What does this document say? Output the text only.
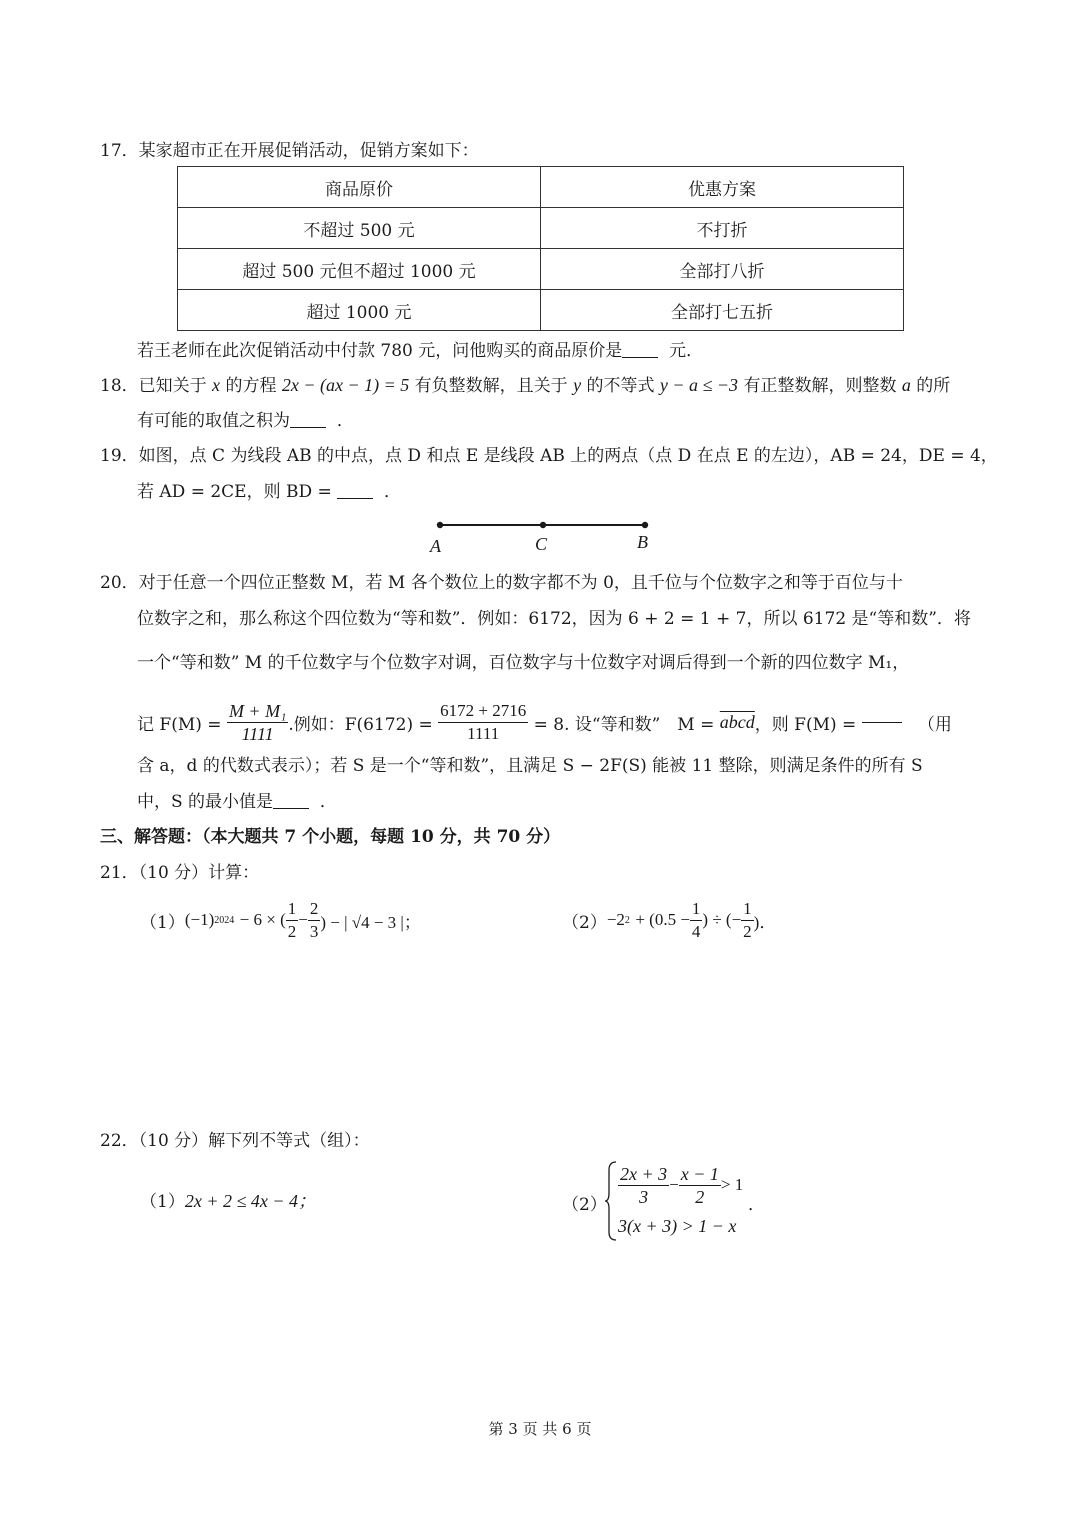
17．某家超市正在开展促销活动，促销方案如下：
商品原价	优惠方案
不超过 500 元	不打折
超过 500 元但不超过 1000 元	全部打八折
超过 1000 元	全部打七五折
若王老师在此次促销活动中付款 780 元，问他购买的商品原价是	元．
18．已知关于 x 的方程 2x − (ax − 1) = 5 有负整数解，且关于 y 的不等式 y − a ≤ −3 有正整数解，则整数 a 的所
有可能的取值之积为	．
19．如图，点 C 为线段 AB 的中点，点 D 和点 E 是线段 AB 上的两点（点 D 在点 E 的左边），AB = 24，DE = 4，
若 AD = 2CE，则 BD =	．
A	C	B
20．对于任意一个四位正整数 M，若 M 各个数位上的数字都不为 0，且千位与个位数字之和等于百位与十
位数字之和，那么称这个四位数为“等和数”．例如：6172，因为 6 + 2 = 1 + 7，所以 6172 是“等和数”．将
一个“等和数” M 的千位数字与个位数字对调，百位数字与十位数字对调后得到一个新的四位数字 M₁，
记 F(M) =
$\frac{\text{M + M₁}}{1111}$ .例如：F(6172) =
$\frac{6172 + 2716}{1111}$
= 8. 设“等和数”　M =
abcd ，则 F(M) =

	（用
含 a，d 的代数式表示）；若 S 是一个“等和数”，且满足 S − 2F(S) 能被 11 整除，则满足条件的所有 S
中，S 的最小值是	．
三、解答题：（本大题共 7 个小题，每题 10 分，共 70 分）
21．（10 分）计算：
（1） (−1) 2024
− 6 × ( $\frac{1}{2} - \frac{2}{3}$ ) − | √4 − 3 |；	（2） −2 2
+ ($0.5 - \frac{1}{4}$ ) ÷ (− $\frac{1}{2}$ )．
22．（10 分）解下列不等式（组）：
（1）2x + 2 ≤ 4x − 4；	$(2) \frac{2x + 3}{3} - \frac{x - 1}{2} > 1$
3(x + 3) > 1 − x
．
第 3 页 共 6 页
